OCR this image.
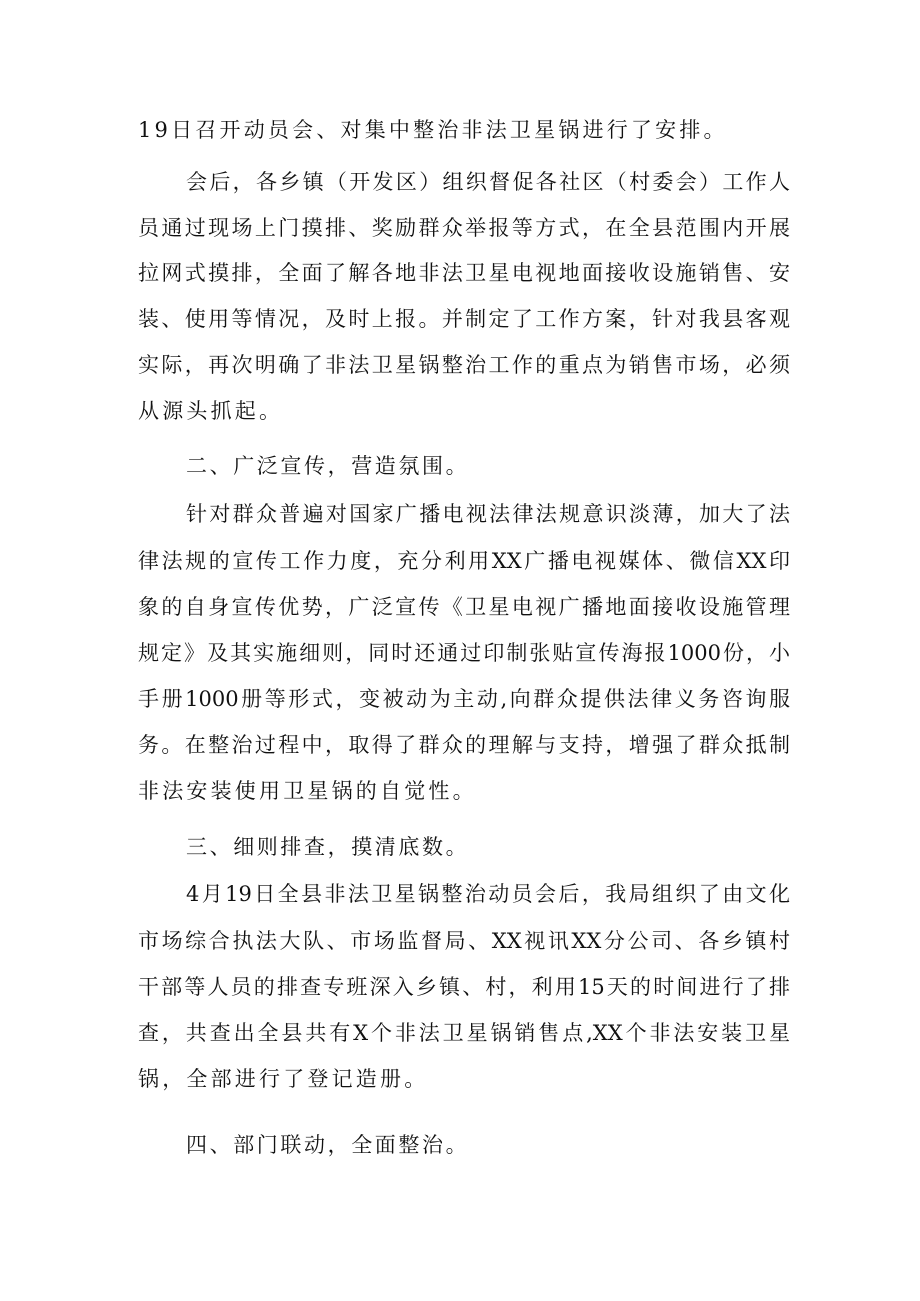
19日召开动员会、对集中整治非法卫星锅进行了安排。
会后，各乡镇（开发区）组织督促各社区（村委会）工作人
员通过现场上门摸排、奖励群众举报等方式，在全县范围内开展
拉网式摸排，全面了解各地非法卫星电视地面接收设施销售、安
装、使用等情况，及时上报。并制定了工作方案，针对我县客观
实际，再次明确了非法卫星锅整治工作的重点为销售市场，必须
从源头抓起。
二、广泛宣传，营造氛围。
针对群众普遍对国家广播电视法律法规意识淡薄，加大了法
律法规的宣传工作力度，充分利用XX广播电视媒体、微信XX印
象的自身宣传优势，广泛宣传《卫星电视广播地面接收设施管理
规定》及其实施细则，同时还通过印制张贴宣传海报1000份，小
手册1000册等形式，变被动为主动,向群众提供法律义务咨询服
务。在整治过程中，取得了群众的理解与支持，增强了群众抵制
非法安装使用卫星锅的自觉性。
三、细则排查，摸清底数。
4月19日全县非法卫星锅整治动员会后，我局组织了由文化
市场综合执法大队、市场监督局、XX视讯XX分公司、各乡镇村
干部等人员的排查专班深入乡镇、村，利用15天的时间进行了排
查，共查出全县共有X个非法卫星锅销售点,XX个非法安装卫星
锅，全部进行了登记造册。
四、部门联动，全面整治。
